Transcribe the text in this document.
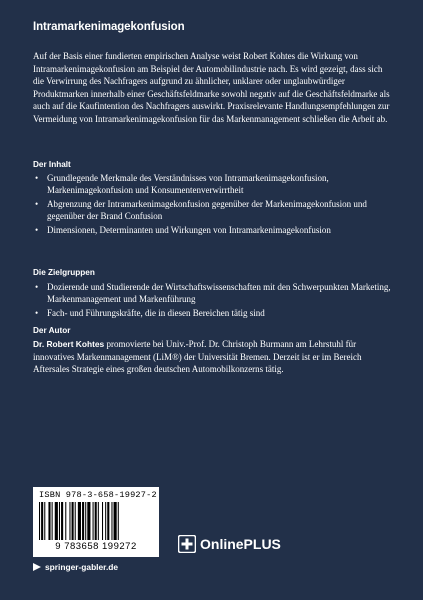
Intramarkenimagekonfusion

Auf der Basis einer fundierten empirischen Analyse weist Robert Kohtes die Wirkung von Intramarkenimagekonfusion am Beispiel der Automobilindustrie nach. Es wird gezeigt, dass sich die Verwirrung des Nachfragers aufgrund zu ähnlicher, unklarer oder unglaubwürdiger Produktmarken innerhalb einer Geschäftsfeldmarke sowohl negativ auf die Geschäftsfeldmarke als auch auf die Kaufintention des Nachfragers auswirkt. Praxisrelevante Handlungsempfehlungen zur Vermeidung von Intramarkenimagekonfusion für das Markenmanagement schließen die Arbeit ab.

Der Inhalt
• Grundlegende Merkmale des Verständnisses von Intramarkenimagekonfusion, Markenimagekonfusion und Konsumentenverwirrtheit
• Abgrenzung der Intramarkenimagekonfusion gegenüber der Markenimagekonfusion und gegenüber der Brand Confusion
• Dimensionen, Determinanten und Wirkungen von Intramarkenimagekonfusion
Die Zielgruppen
• Dozierende und Studierende der Wirtschaftswissenschaften mit den Schwerpunkten Marketing, Markenmanagement und Markenführung
• Fach- und Führungskräfte, die in diesen Bereichen tätig sind
Der Autor

Dr. Robert Kohtes promovierte bei Univ.-Prof. Dr. Christoph Burmann am Lehrstuhl für innovatives Markenmanagement (LiM®) der Universität Bremen. Derzeit ist er im Bereich Aftersales Strategie eines großen deutschen Automobilkonzerns tätig.

ISBN 978-3-658-19927-2
9 783658 199272	OnlinePLUS
springer-gabler.de
